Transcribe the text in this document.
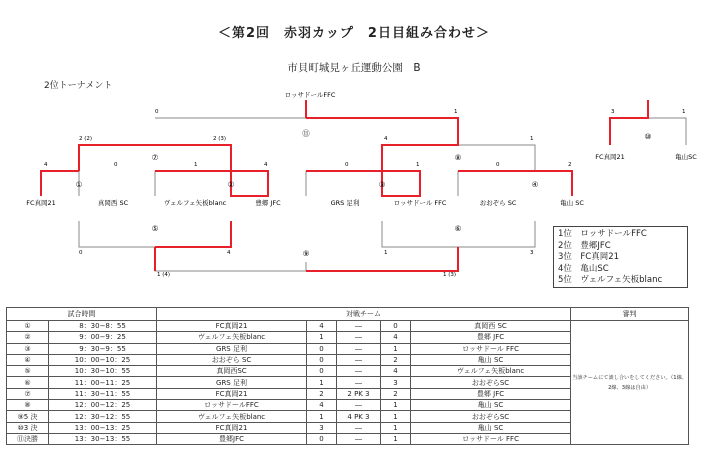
＜第2回　赤羽カップ　2日目組み合わせ＞
市貝町城見ヶ丘運動公園　B
2位トーナメント
ロッサドールFFC
FC真岡21	真岡西 SC	ヴェルフェ矢板blanc	豊郷 JFC	GRS 足利	ロッサドール FFC	おおぞら SC	亀山 SC
FC真岡21	亀山SC
4	0	1	4	0	1	0	2
2 (2)	2 (3)	4	1
0	1	3	1
0	4	1	3
1 (4)	1 (3)
①	②	③	④
⑤	⑥
⑦	⑧
⑨
⑩
⑪
1位　ロッサドールFFC
2位　豊郷JFC
3位　FC真岡21
4位　亀山SC
5位　ヴェルフェ矢板blanc
試合時間		対戦チーム					審判
①	8：30−8：55	FC真岡21	4	―	0	真岡西 SC	当該チームにて談し合いをしてください。（1線、2線、3線は自由）
②	9：00−9：25	ヴェルフェ矢板blanc	1	―	4	豊郷 JFC	
③	9：30−9：55	GRS 足利	0	―	1	ロッサドール FFC	
④	10：00−10：25	おおぞら SC	0	―	2	亀山 SC	
⑤	10：30−10：55	真岡西SC	0	―	4	ヴェルフェ矢板blanc	
⑥	11：00−11：25	GRS 足利	1	―	3	おおぞらSC	
⑦	11：30−11：55	FC真岡21	2	2 PK 3	2	豊郷 JFC	
⑧	12：00−12：25	ロッサドールFFC	4	―	1	亀山 SC	
⑨5 決	12：30−12：55	ヴェルフェ矢板blanc	1	4 PK 3	1	おおぞらSC	
⑩3 決	13：00−13：25	FC真岡21	3	―	1	亀山 SC	
⑪決勝	13：30−13：55	豊郷JFC	0	―	1	ロッサドール FFC	
